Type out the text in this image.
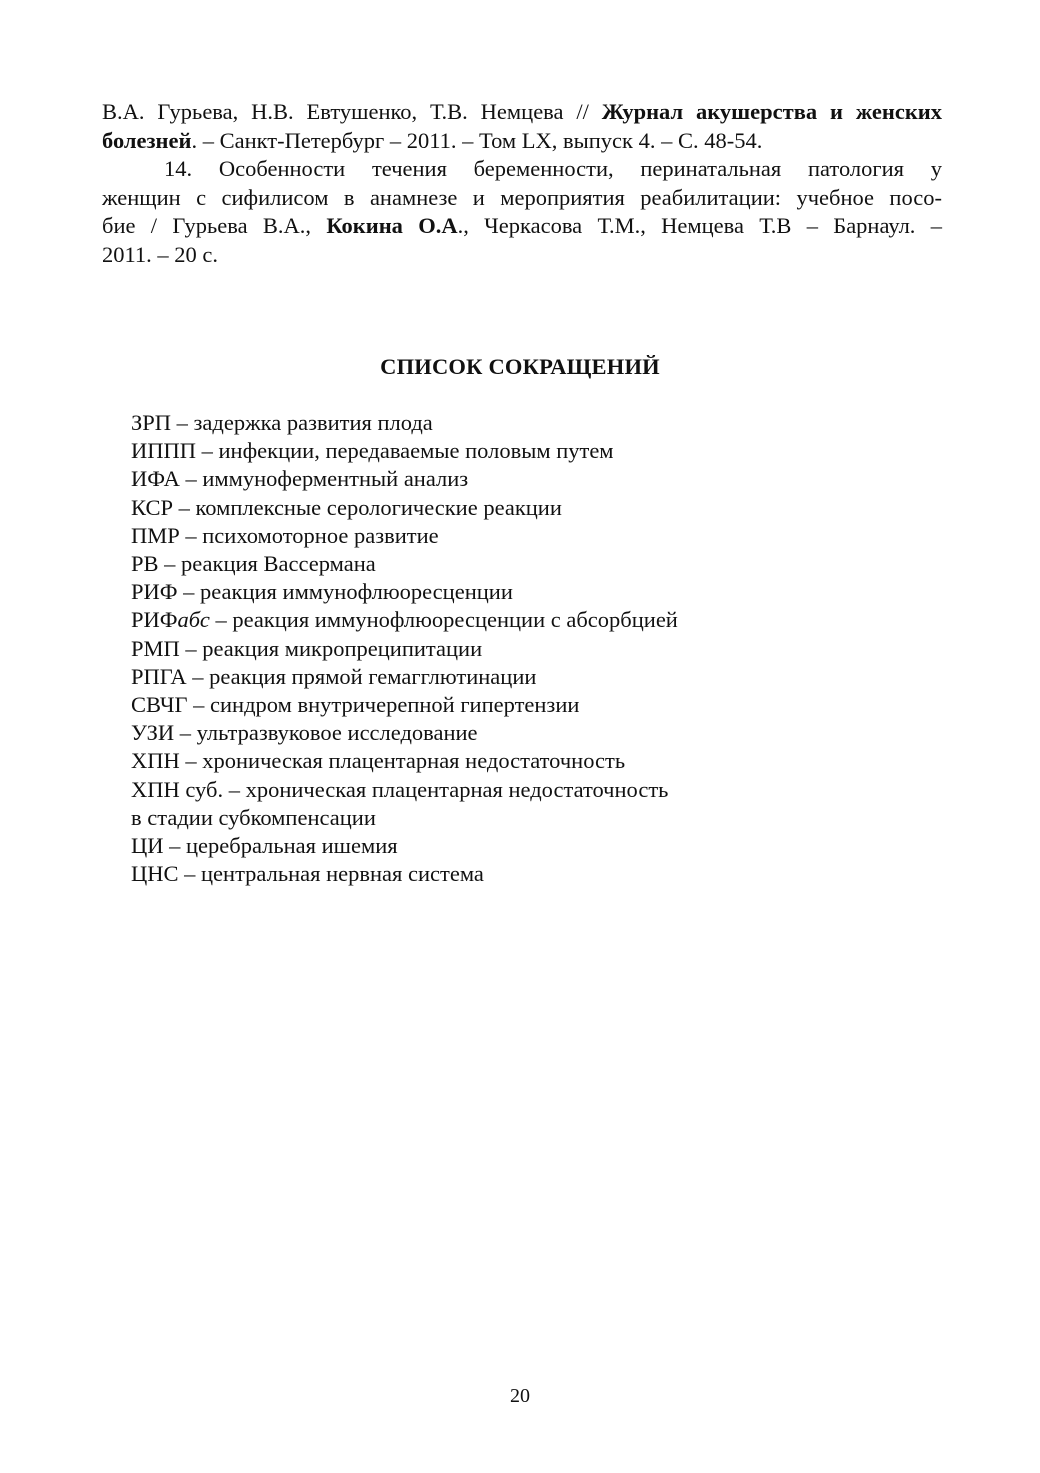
В.А. Гурьева, Н.В. Евтушенко, Т.В. Немцева // Журнал акушерства и женских
болезней. – Санкт-Петербург – 2011. – Том LX, выпуск 4. – С. 48-54.
14. Особенности течения беременности, перинатальная патология у
женщин с сифилисом в анамнезе и мероприятия реабилитации: учебное посо-
бие / Гурьева В.А., Кокина О.А., Черкасова Т.М., Немцева Т.В – Барнаул. –
2011. – 20 с.
СПИСОК СОКРАЩЕНИЙ
ЗРП – задержка развития плода
ИППП – инфекции, передаваемые половым путем
ИФА – иммуноферментный анализ
КСР – комплексные серологические реакции
ПМР – психомоторное развитие
РВ – реакция Вассермана
РИФ – реакция иммунофлюоресценции
РИФабс – реакция иммунофлюоресценции с абсорбцией
РМП – реакция микропреципитации
РПГА – реакция прямой гемагглютинации
СВЧГ – синдром внутричерепной гипертензии
УЗИ – ультразвуковое исследование
ХПН – хроническая плацентарная недостаточность
ХПН суб. – хроническая плацентарная недостаточность
в стадии субкомпенсации
ЦИ – церебральная ишемия
ЦНС – центральная нервная система
20
